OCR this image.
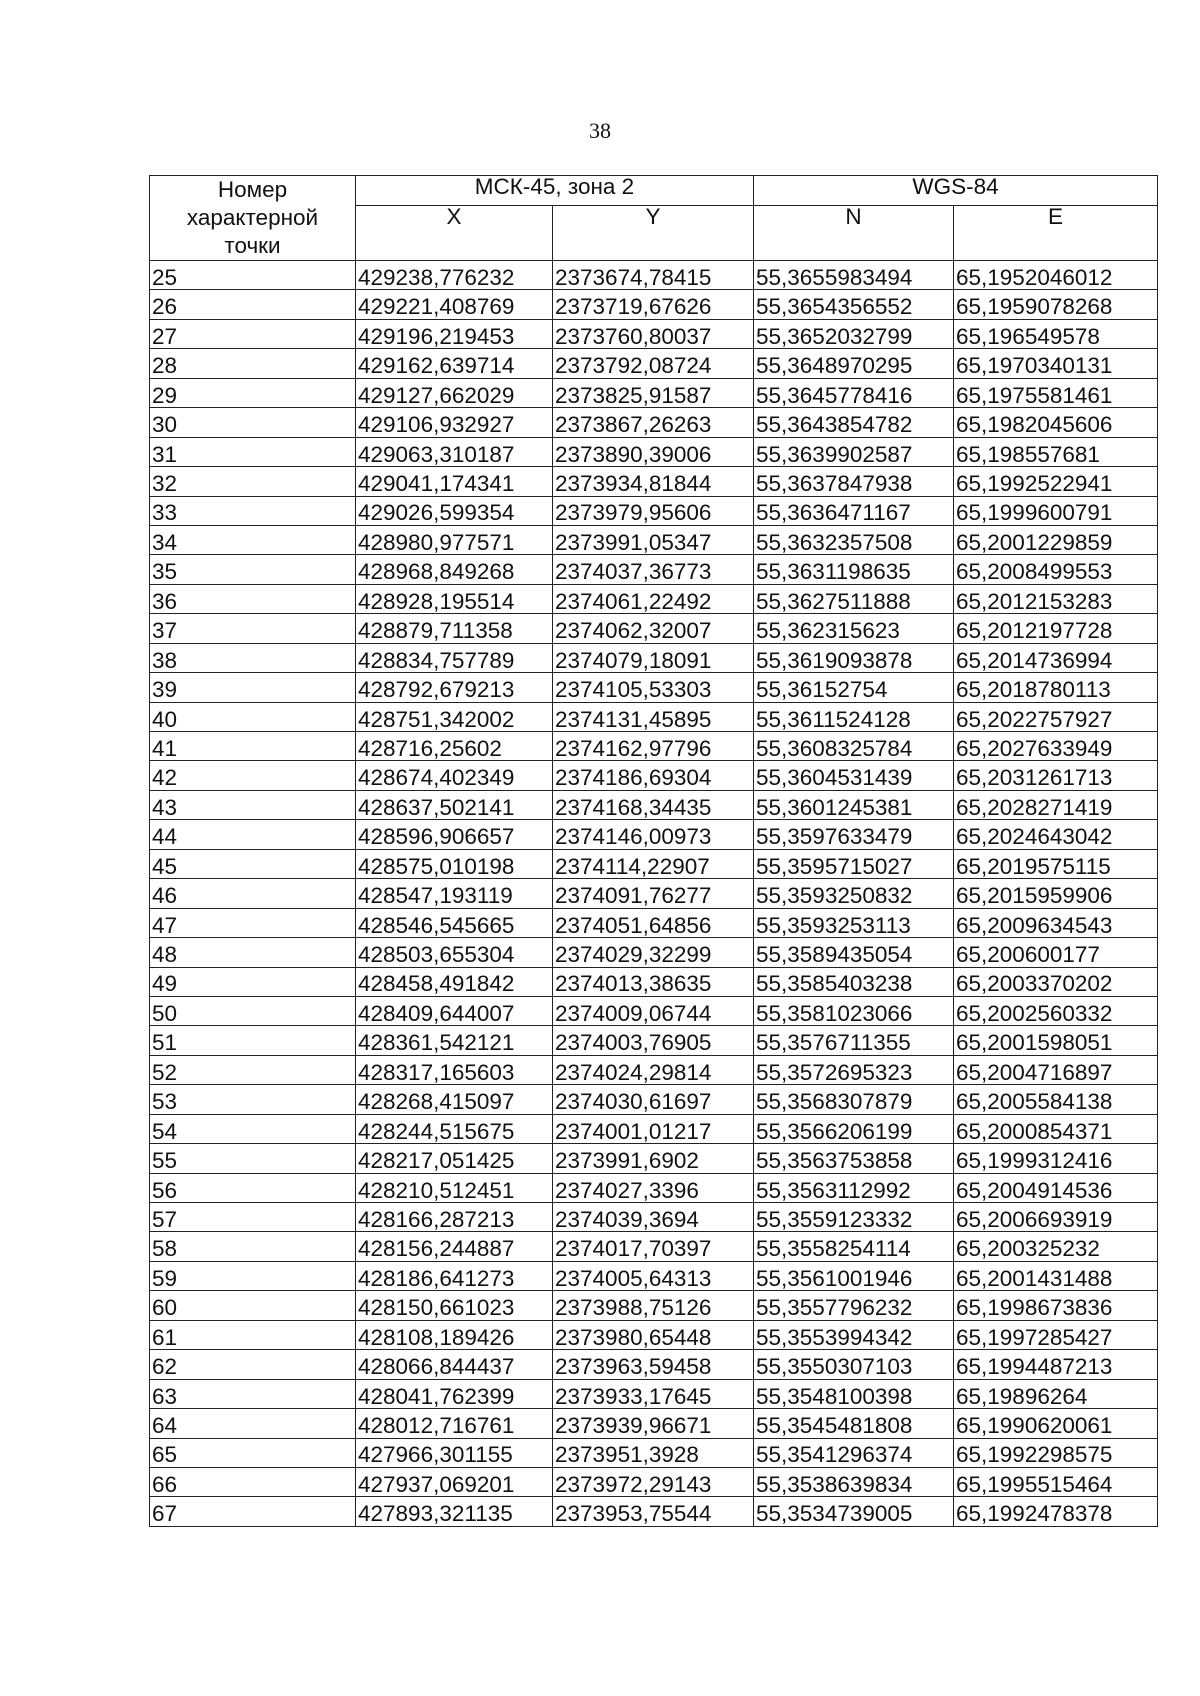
38
Номер
характерной
точки	МСК-45, зона 2		WGS-84	
	X	Y	N	E
25	429238,776232	2373674,78415	55,3655983494	65,1952046012
26	429221,408769	2373719,67626	55,3654356552	65,1959078268
27	429196,219453	2373760,80037	55,3652032799	65,196549578
28	429162,639714	2373792,08724	55,3648970295	65,1970340131
29	429127,662029	2373825,91587	55,3645778416	65,1975581461
30	429106,932927	2373867,26263	55,3643854782	65,1982045606
31	429063,310187	2373890,39006	55,3639902587	65,198557681
32	429041,174341	2373934,81844	55,3637847938	65,1992522941
33	429026,599354	2373979,95606	55,3636471167	65,1999600791
34	428980,977571	2373991,05347	55,3632357508	65,2001229859
35	428968,849268	2374037,36773	55,3631198635	65,2008499553
36	428928,195514	2374061,22492	55,3627511888	65,2012153283
37	428879,711358	2374062,32007	55,362315623	65,2012197728
38	428834,757789	2374079,18091	55,3619093878	65,2014736994
39	428792,679213	2374105,53303	55,36152754	65,2018780113
40	428751,342002	2374131,45895	55,3611524128	65,2022757927
41	428716,25602	2374162,97796	55,3608325784	65,2027633949
42	428674,402349	2374186,69304	55,3604531439	65,2031261713
43	428637,502141	2374168,34435	55,3601245381	65,2028271419
44	428596,906657	2374146,00973	55,3597633479	65,2024643042
45	428575,010198	2374114,22907	55,3595715027	65,2019575115
46	428547,193119	2374091,76277	55,3593250832	65,2015959906
47	428546,545665	2374051,64856	55,3593253113	65,2009634543
48	428503,655304	2374029,32299	55,3589435054	65,200600177
49	428458,491842	2374013,38635	55,3585403238	65,2003370202
50	428409,644007	2374009,06744	55,3581023066	65,2002560332
51	428361,542121	2374003,76905	55,3576711355	65,2001598051
52	428317,165603	2374024,29814	55,3572695323	65,2004716897
53	428268,415097	2374030,61697	55,3568307879	65,2005584138
54	428244,515675	2374001,01217	55,3566206199	65,2000854371
55	428217,051425	2373991,6902	55,3563753858	65,1999312416
56	428210,512451	2374027,3396	55,3563112992	65,2004914536
57	428166,287213	2374039,3694	55,3559123332	65,2006693919
58	428156,244887	2374017,70397	55,3558254114	65,200325232
59	428186,641273	2374005,64313	55,3561001946	65,2001431488
60	428150,661023	2373988,75126	55,3557796232	65,1998673836
61	428108,189426	2373980,65448	55,3553994342	65,1997285427
62	428066,844437	2373963,59458	55,3550307103	65,1994487213
63	428041,762399	2373933,17645	55,3548100398	65,19896264
64	428012,716761	2373939,96671	55,3545481808	65,1990620061
65	427966,301155	2373951,3928	55,3541296374	65,1992298575
66	427937,069201	2373972,29143	55,3538639834	65,1995515464
67	427893,321135	2373953,75544	55,3534739005	65,1992478378
